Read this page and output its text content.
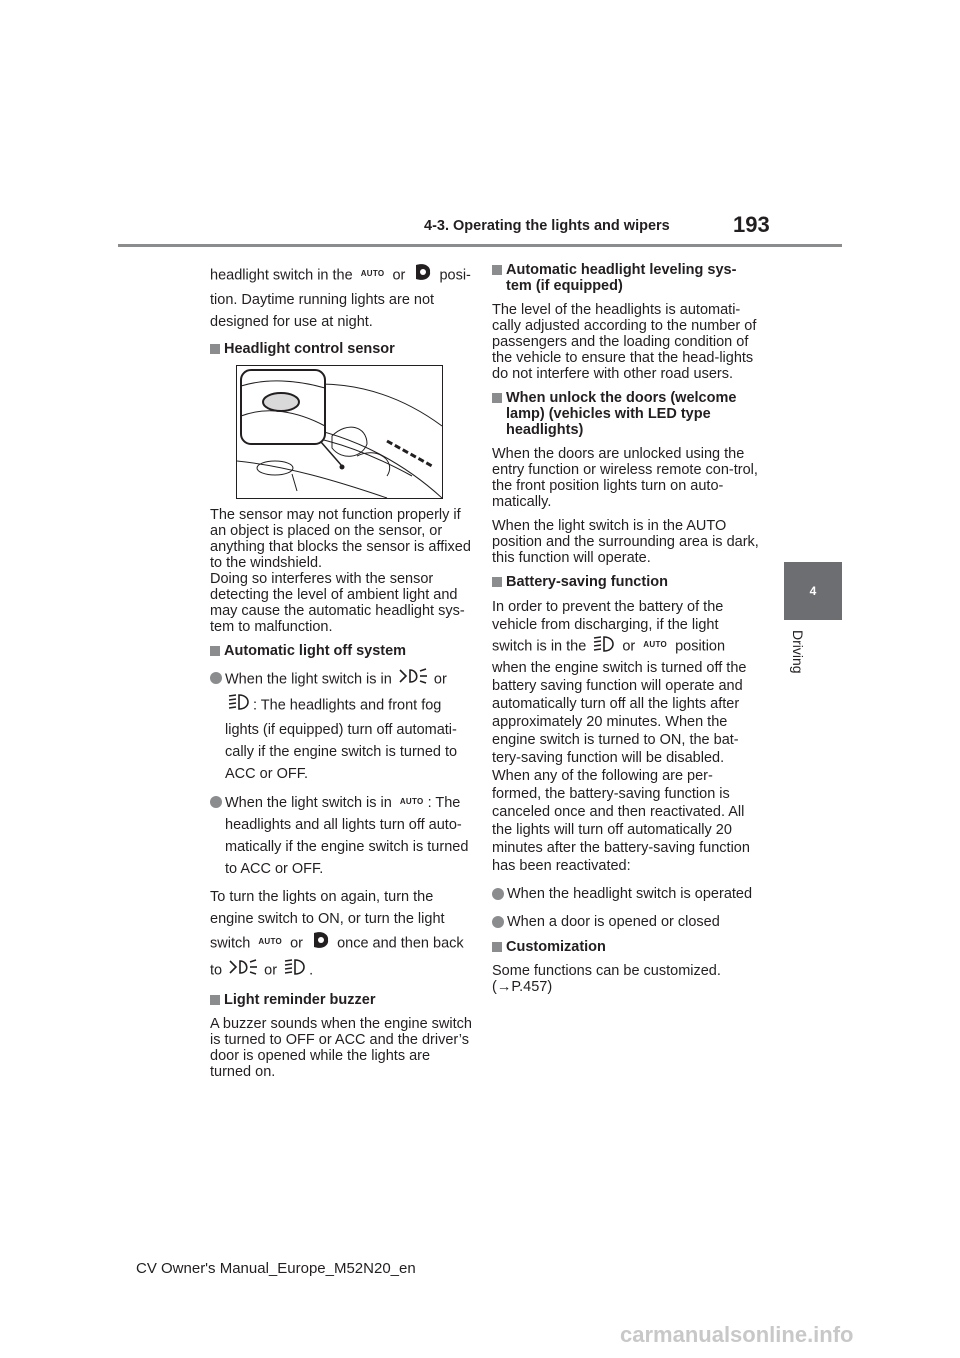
4-3. Operating the lights and wipers	193
4
Driving

headlight switch in the AUTO or posi- tion. Daytime running lights are not designed for use at night.

Headlight control sensor

The sensor may not function properly if an object is placed on the sensor, or anything that blocks the sensor is affixed to the windshield.
Doing so interferes with the sensor detecting the level of ambient light and may cause the automatic headlight sys-tem to malfunction.

Automatic light off system
When the light switch is in	or
: The headlights and front fog lights (if equipped) turn off automati-cally if the engine switch is turned to ACC or OFF.
When the light switch is in AUTO : The headlights and all lights turn off auto-matically if the engine switch is turned to ACC or OFF.

To turn the lights on again, turn the engine switch to ON, or turn the light switch AUTO or once and then back to	or .

Light reminder buzzer

A buzzer sounds when the engine switch is turned to OFF or ACC and the driver’s door is opened while the lights are turned on.

Automatic headlight leveling sys-tem (if equipped)

The level of the headlights is automati-cally adjusted according to the number of passengers and the loading condition of the vehicle to ensure that the head-lights do not interfere with other road users.

When unlock the doors (welcome lamp) (vehicles with LED type headlights)

When the doors are unlocked using the entry function or wireless remote con-trol, the front position lights turn on auto-matically.

When the light switch is in the AUTO position and the surrounding area is dark, this function will operate.

Battery-saving function

In order to prevent the battery of the vehicle from discharging, if the light switch is in the or AUTO position when the engine switch is turned off the battery saving function will operate and automatically turn off all the lights after approximately 20 minutes. When the engine switch is turned to ON, the bat-tery-saving function will be disabled. When any of the following are per-formed, the battery-saving function is canceled once and then reactivated. All the lights will turn off automatically 20 minutes after the battery-saving function has been reactivated:

When the headlight switch is operated
When a door is opened or closed
Customization

Some functions can be customized.
(→P.457)

CV Owner's Manual_Europe_M52N20_en
carmanualsonline.info
